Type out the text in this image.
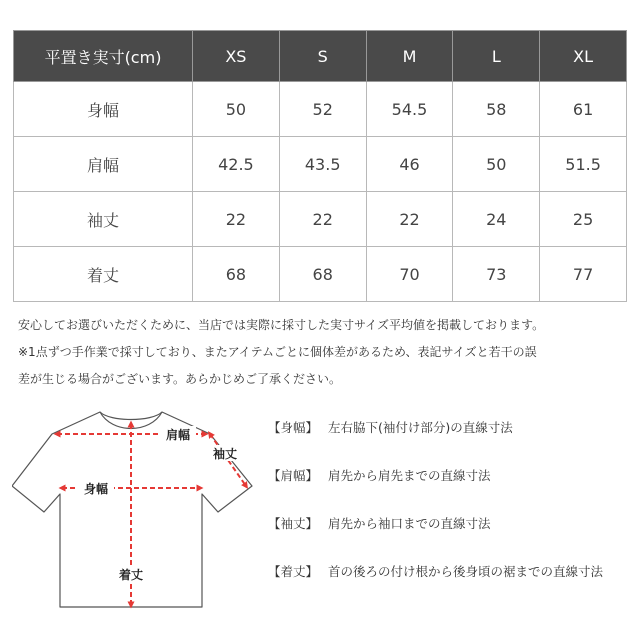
平置き実寸(cm)	XS	S	M	L	XL
身幅	50	52	54.5	58	61
肩幅	42.5	43.5	46	50	51.5
袖丈	22	22	22	24	25
着丈	68	68	70	73	77

安心してお選びいただくために、当店では実際に採寸した実寸サイズ平均値を掲載しております。
※1点ずつ手作業で採寸しており、またアイテムごとに個体差があるため、表記サイズと若干の誤
差が生じる場合がございます。あらかじめご了承ください。

肩幅
袖丈
身幅
着丈
【身幅】 左右脇下(袖付け部分)の直線寸法
【肩幅】 肩先から肩先までの直線寸法
【袖丈】 肩先から袖口までの直線寸法
【着丈】 首の後ろの付け根から後身頃の裾までの直線寸法
